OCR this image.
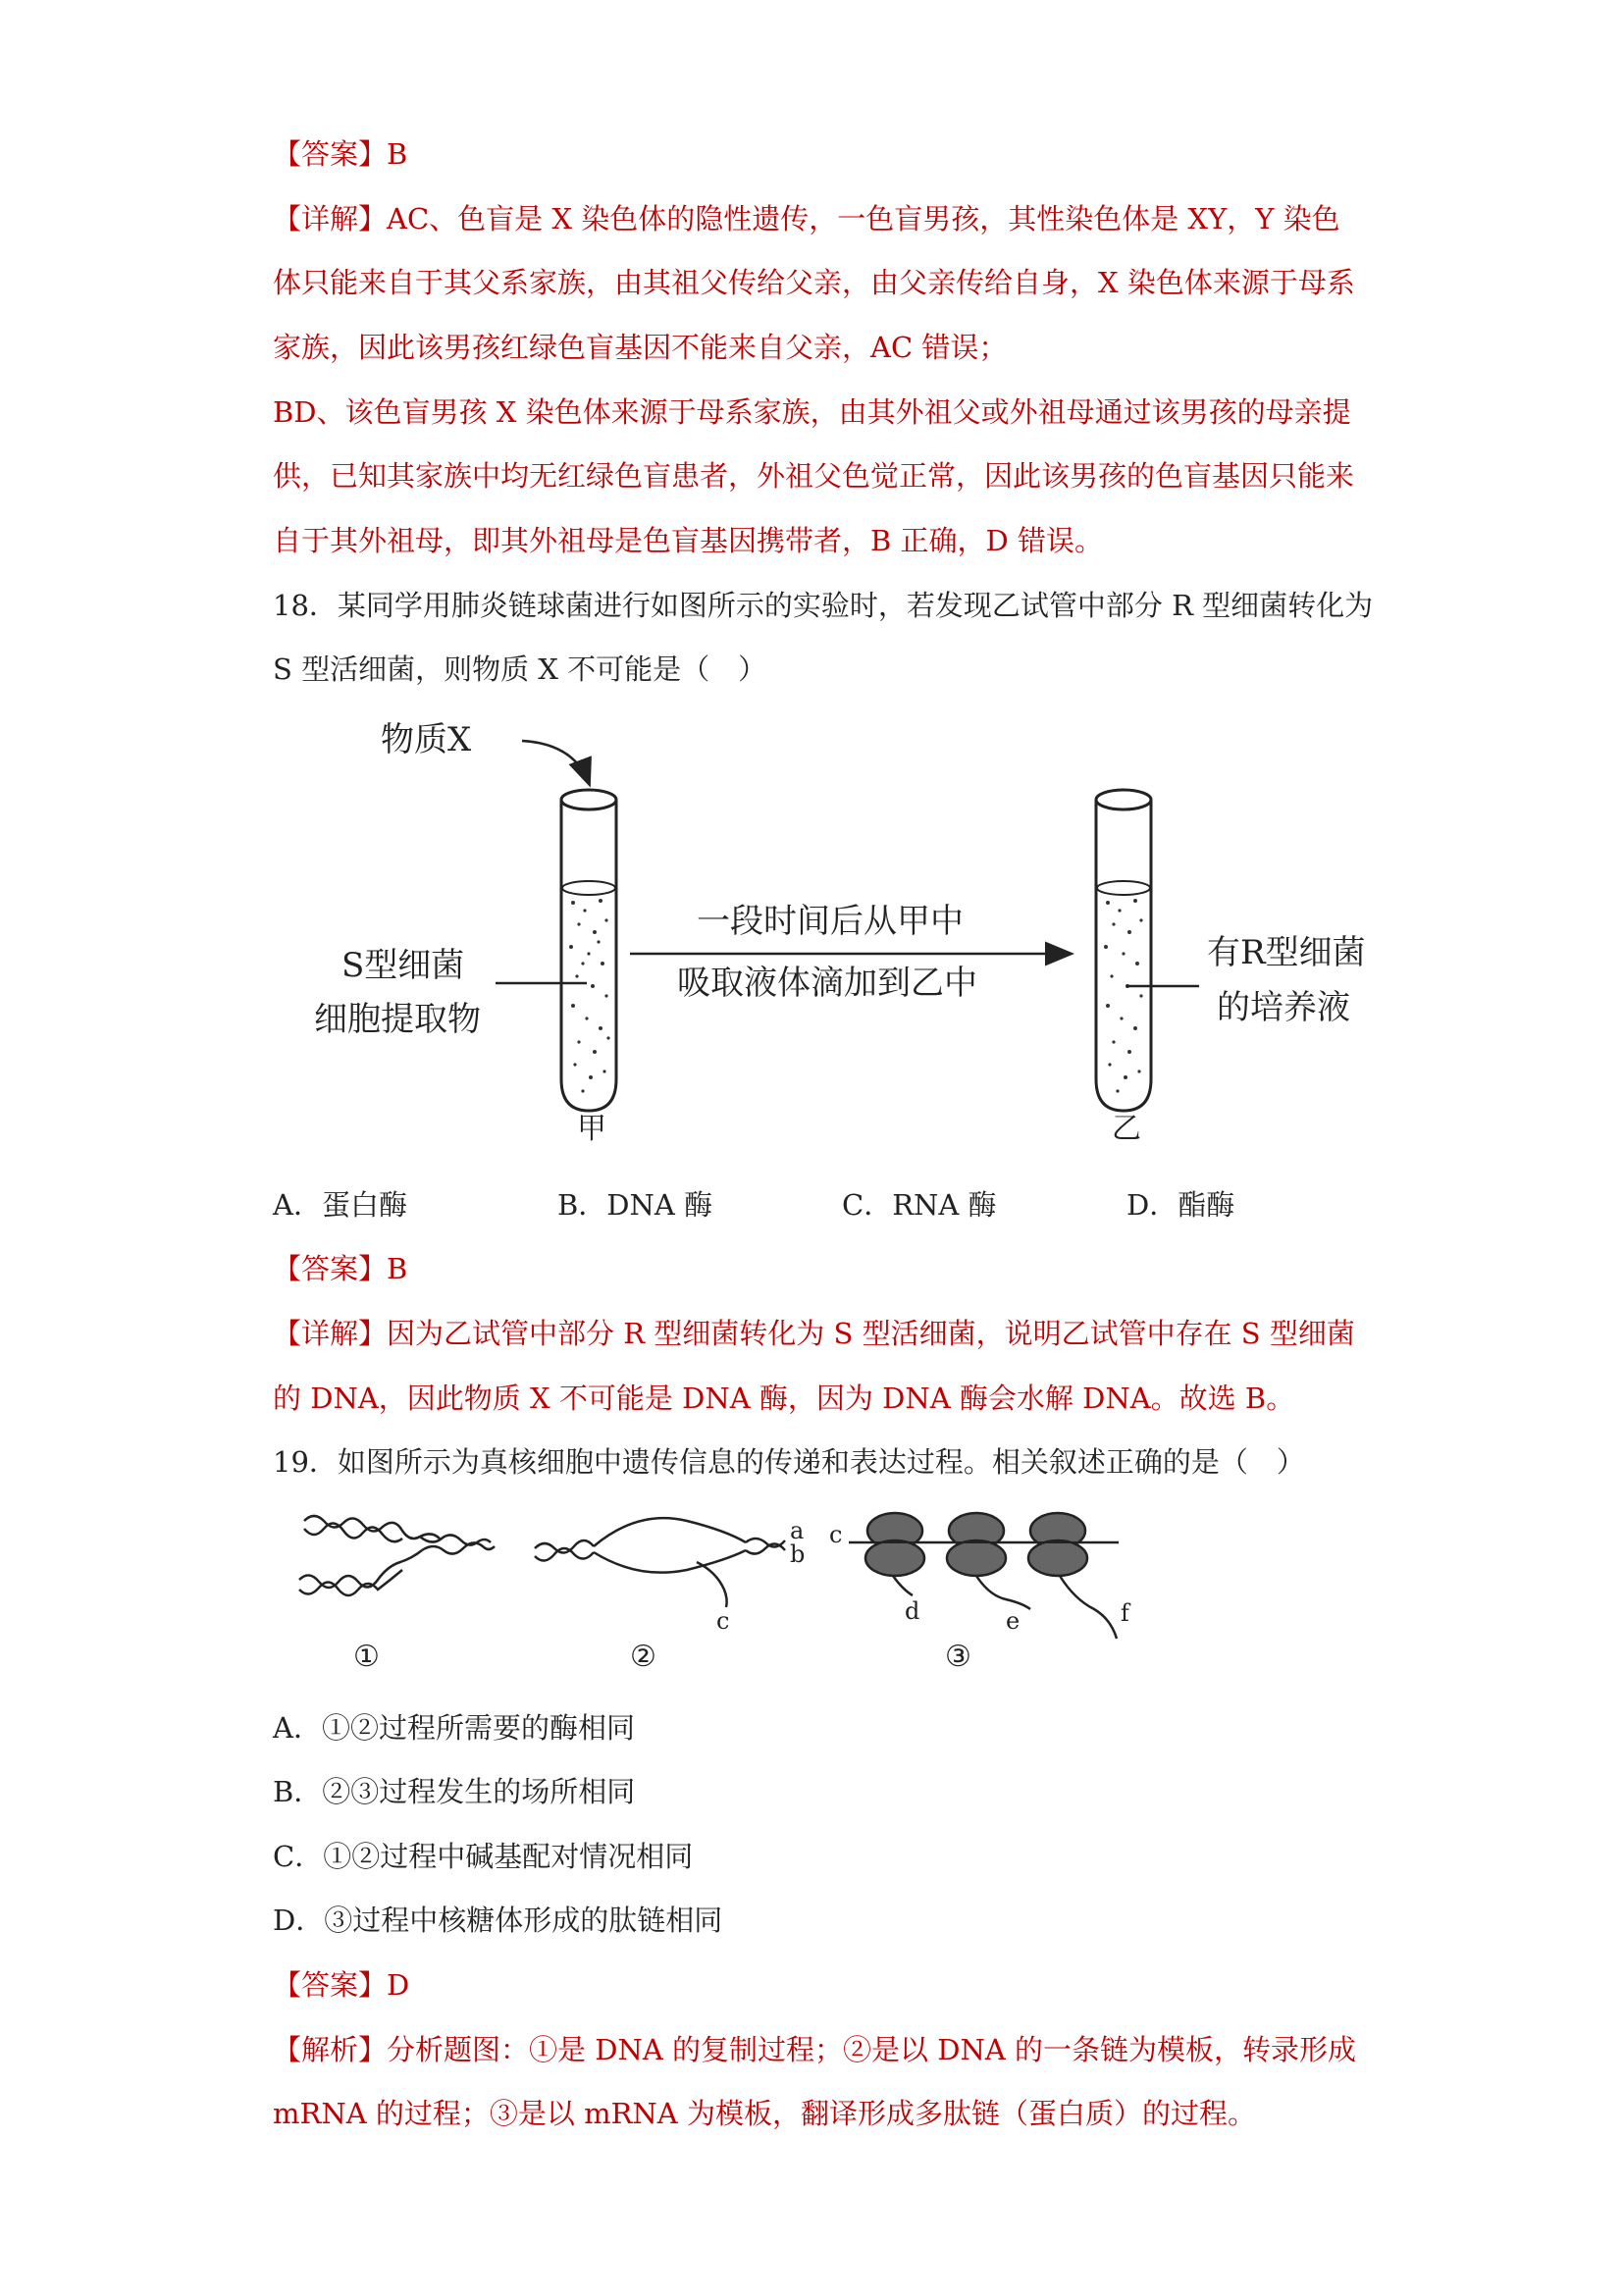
【答案】B
【详解】AC、色盲是 X 染色体的隐性遗传，一色盲男孩，其性染色体是 XY，Y 染色
体只能来自于其父系家族，由其祖父传给父亲，由父亲传给自身，X 染色体来源于母系
家族，因此该男孩红绿色盲基因不能来自父亲，AC 错误；
BD、该色盲男孩 X 染色体来源于母系家族，由其外祖父或外祖母通过该男孩的母亲提
供，已知其家族中均无红绿色盲患者，外祖父色觉正常，因此该男孩的色盲基因只能来
自于其外祖母，即其外祖母是色盲基因携带者，B 正确，D 错误。
18．某同学用肺炎链球菌进行如图所示的实验时，若发现乙试管中部分 R 型细菌转化为
S 型活细菌，则物质 X 不可能是（　）
物质X
S型细菌
细胞提取物
一段时间后从甲中
吸取液体滴加到乙中
有R型细菌
的培养液
甲	乙
A．蛋白酶	B．DNA 酶	C．RNA 酶	D．酯酶
【答案】B
【详解】因为乙试管中部分 R 型细菌转化为 S 型活细菌，说明乙试管中存在 S 型细菌
的 DNA，因此物质 X 不可能是 DNA 酶，因为 DNA 酶会水解 DNA。故选 B。
19．如图所示为真核细胞中遗传信息的传递和表达过程。相关叙述正确的是（　）
①
a
b
c
②
c
d	e	f
③
A．①②过程所需要的酶相同
B．②③过程发生的场所相同
C．①②过程中碱基配对情况相同
D．③过程中核糖体形成的肽链相同
【答案】D
【解析】分析题图：①是 DNA 的复制过程；②是以 DNA 的一条链为模板，转录形成
mRNA 的过程；③是以 mRNA 为模板，翻译形成多肽链（蛋白质）的过程。
